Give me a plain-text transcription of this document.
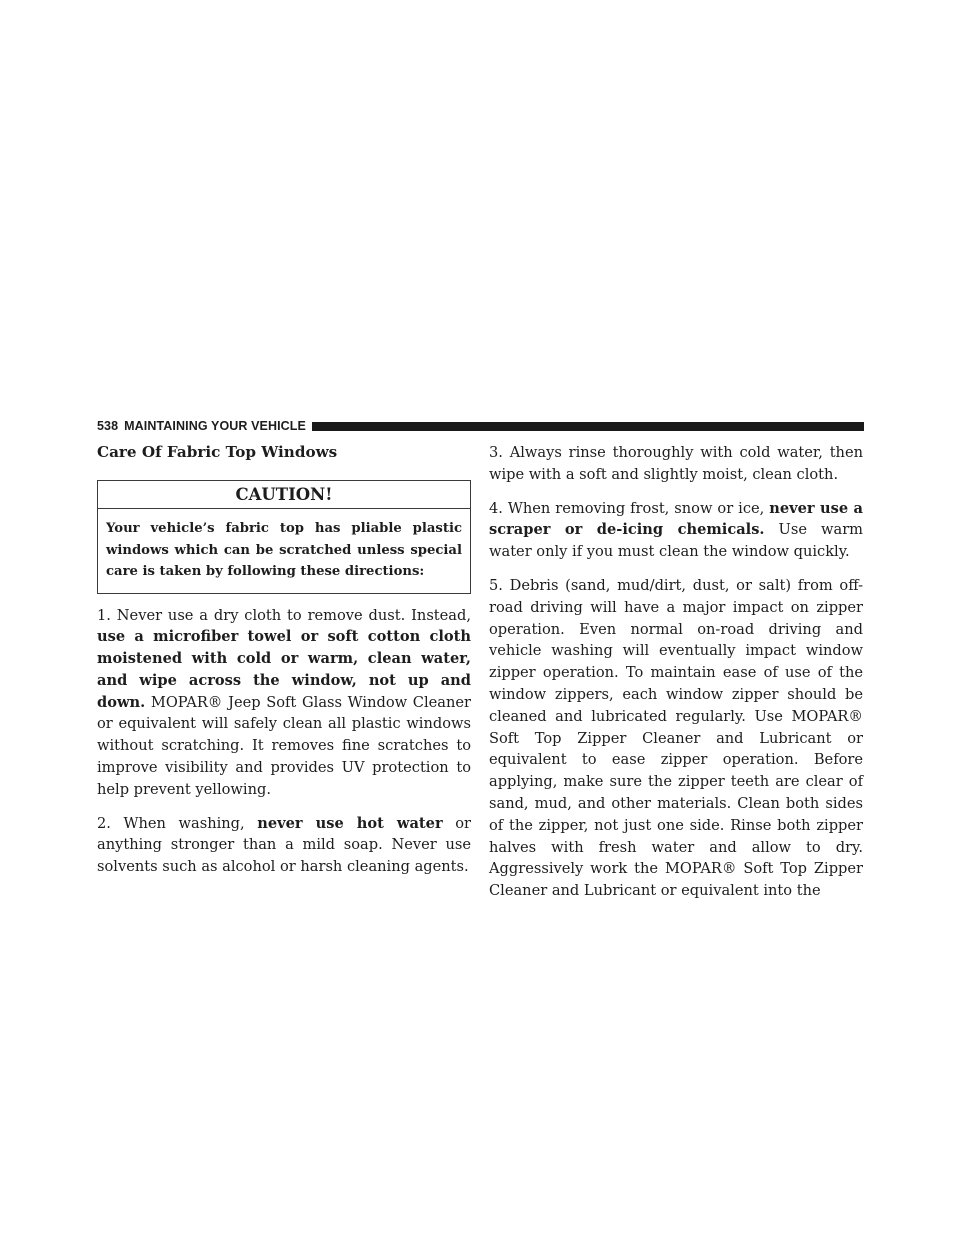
538 MAINTAINING YOUR VEHICLE
Care Of Fabric Top Windows
CAUTION!
Your vehicle’s fabric top has pliable plastic windows which can be scratched unless special care is taken by following these directions:

1. Never use a dry cloth to remove dust. Instead, use a microfiber towel or soft cotton cloth moistened with cold or warm, clean water, and wipe across the window, not up and down. MOPAR® Jeep Soft Glass Window Cleaner or equivalent will safely clean all plastic windows without scratching. It removes fine scratches to improve visibility and provides UV protection to help prevent yellowing.

2. When washing, never use hot water or anything stronger than a mild soap. Never use solvents such as alcohol or harsh cleaning agents.

3. Always rinse thoroughly with cold water, then wipe with a soft and slightly moist, clean cloth.

4. When removing frost, snow or ice, never use a scraper or de-icing chemicals. Use warm water only if you must clean the window quickly.

5. Debris (sand, mud/dirt, dust, or salt) from off-road driving will have a major impact on zipper operation. Even normal on-road driving and vehicle washing will eventually impact window zipper operation. To maintain ease of use of the window zippers, each window zipper should be cleaned and lubricated regularly. Use MOPAR® Soft Top Zipper Cleaner and Lubricant or equivalent to ease zipper operation. Before applying, make sure the zipper teeth are clear of sand, mud, and other materials. Clean both sides of the zipper, not just one side. Rinse both zipper halves with fresh water and allow to dry. Aggressively work the MOPAR® Soft Top Zipper Cleaner and Lubricant or equivalent into the
